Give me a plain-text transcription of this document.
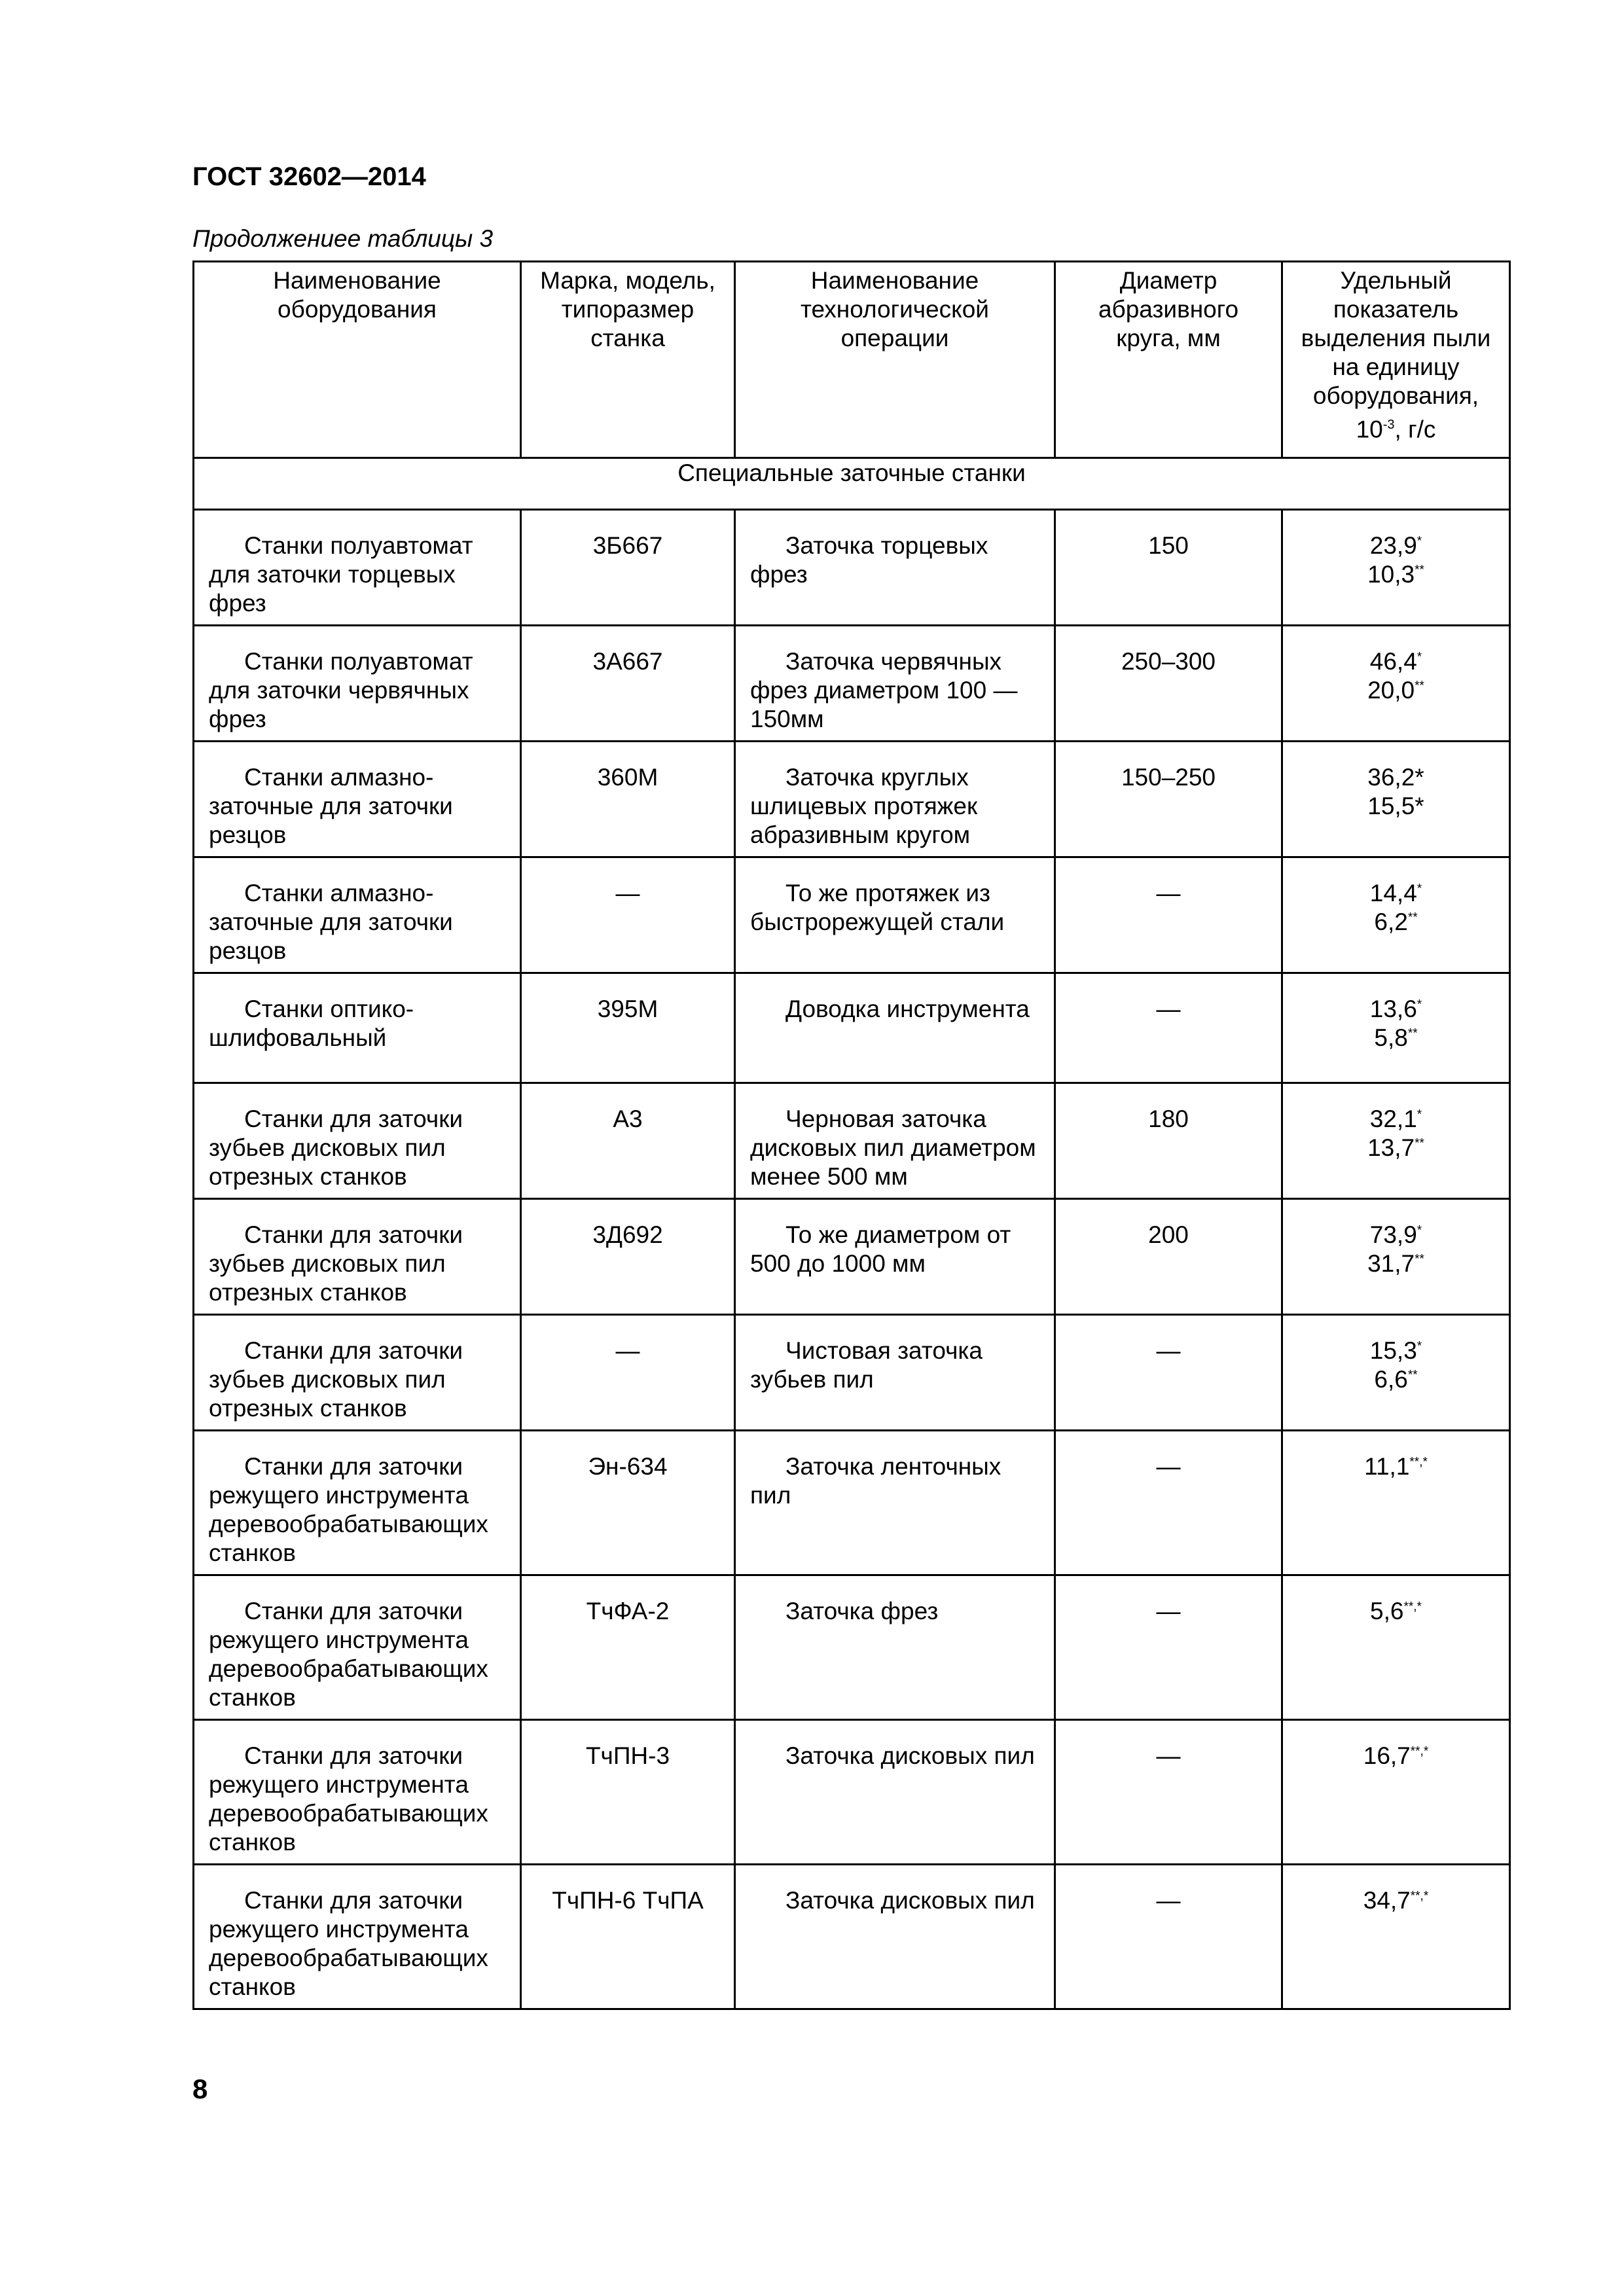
ГОСТ 32602—2014
Продолжениее таблицы 3
Наименование оборудования	Марка, модель, типоразмер станка	Наименование технологической операции	Диаметр абразивного круга, мм	Удельный показатель выделения пыли на единицу оборудования,
$10^{-3}$, г/с
Специальные заточные станки				
Станки полуавтомат для заточки торцевых фрез	3Б667	Заточка торцевых фрез	150	23,9*
10,3**

Станки полуавтомат для заточки червячных фрез	3А667	Заточка червячных фрез диаметром 100 — 150мм	250–300	46,4*
20,0**

Станки алмазно-заточные для заточки резцов	360М	Заточка круглых шлицевых протяжек абразивным кругом	150–250	36,2*
15,5*

Станки алмазно-заточные для заточки резцов	—	То же протяжек из быстрорежущей стали	—	14,4*
6,2**

Станки оптико-шлифовальный	395М	Доводка инструмента	—	13,6*
5,8**

Станки для заточки зубьев дисковых пил отрезных станков	А3	Черновая заточка дисковых пил диаметром менее 500 мм	180	32,1*
13,7**

Станки для заточки зубьев дисковых пил отрезных станков	3Д692	То же диаметром от 500 до 1000 мм	200	73,9*
31,7**

Станки для заточки зубьев дисковых пил отрезных станков	—	Чистовая заточка зубьев пил	—	15,3*
6,6**

Станки для заточки режущего инструмента деревообрабатывающих станков	Эн-634	Заточка ленточных пил	—	11,1**,*

Станки для заточки режущего инструмента деревообрабатывающих станков	ТчФА-2	Заточка фрез	—	5,6**,*

Станки для заточки режущего инструмента деревообрабатывающих станков	ТчПН-3	Заточка дисковых пил	—	16,7**,*

Станки для заточки режущего инструмента деревообрабатывающих станков	ТчПН-6 ТчПА	Заточка дисковых пил	—	34,7**,*
8
